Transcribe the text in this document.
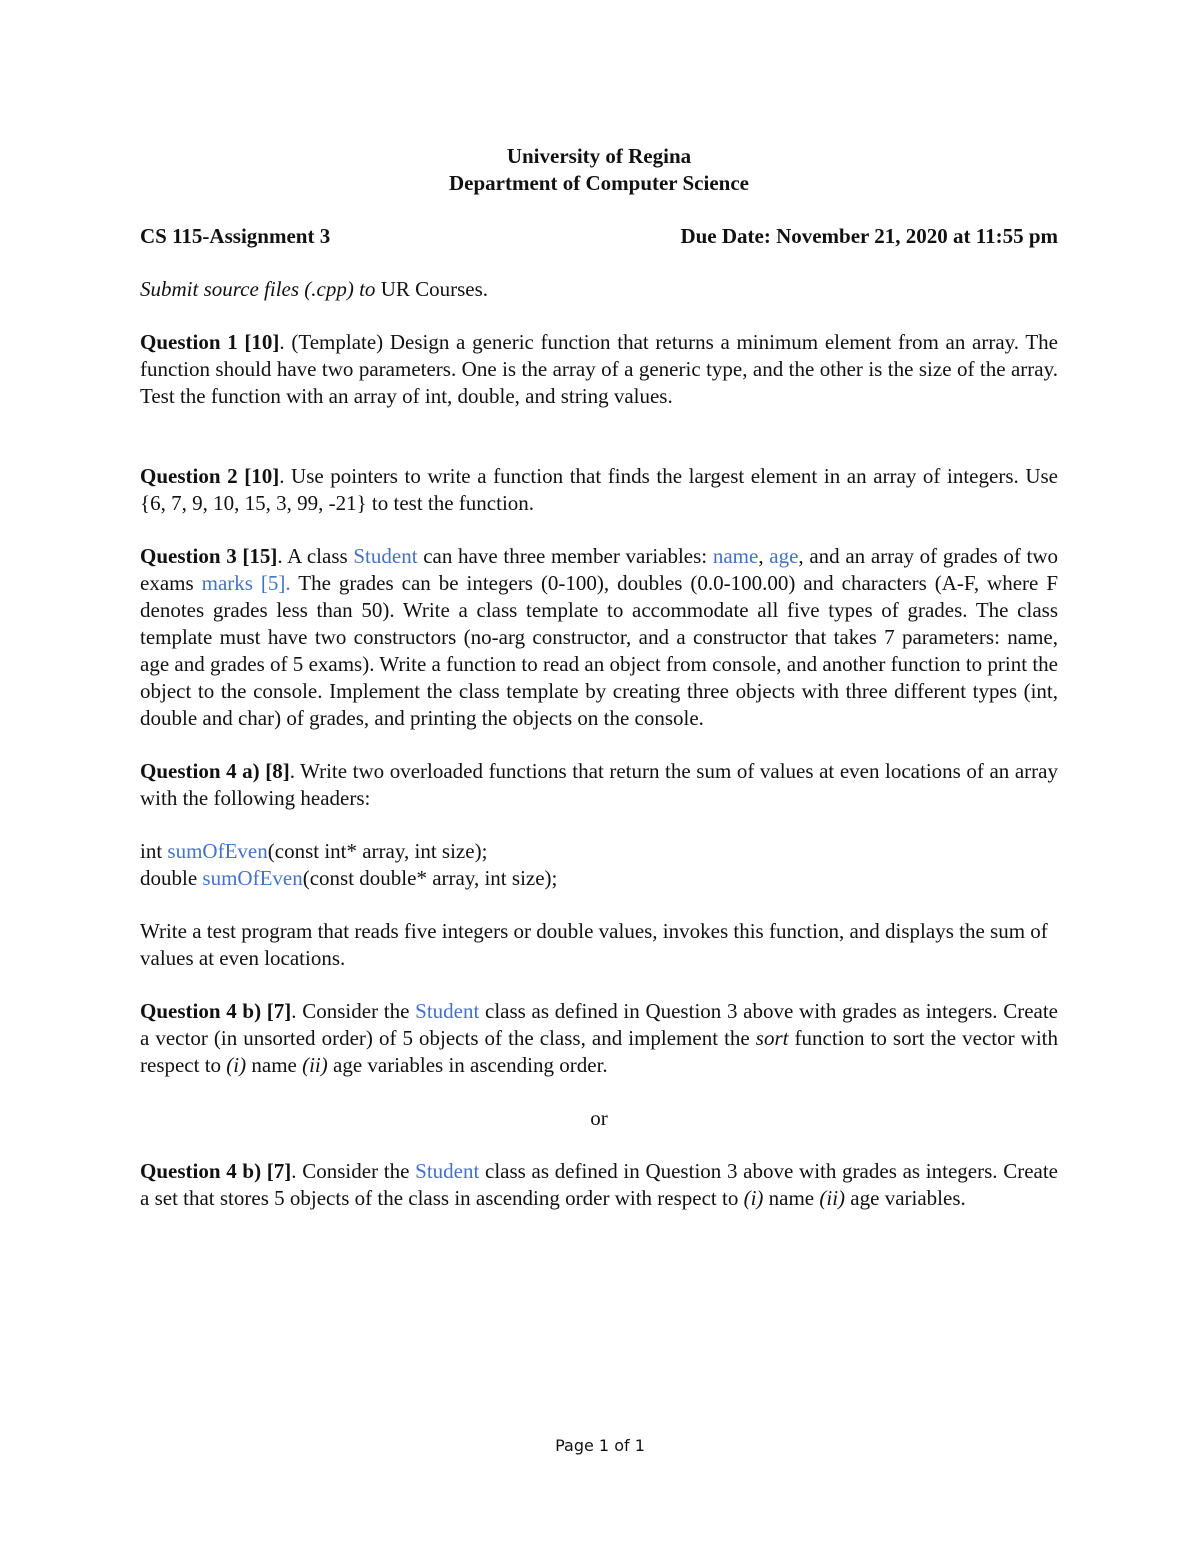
University of Regina
Department of Computer Science
CS 115-Assignment 3	Due Date: November 21, 2020 at 11:55 pm

Submit source files (.cpp) to UR Courses.

Question 1 [10]. (Template) Design a generic function that returns a minimum element from an array. The function should have two parameters. One is the array of a generic type, and the other is the size of the array. Test the function with an array of int, double, and string values.

Question 2 [10]. Use pointers to write a function that finds the largest element in an array of integers. Use {6, 7, 9, 10, 15, 3, 99, -21} to test the function.

Question 3 [15]. A class Student can have three member variables: name, age, and an array of grades of two exams marks [5]. The grades can be integers (0-100), doubles (0.0-100.00) and characters (A-F, where F denotes grades less than 50). Write a class template to accommodate all five types of grades. The class template must have two constructors (no-arg constructor, and a constructor that takes 7 parameters: name, age and grades of 5 exams). Write a function to read an object from console, and another function to print the object to the console. Implement the class template by creating three objects with three different types (int, double and char) of grades, and printing the objects on the console.

Question 4 a) [8]. Write two overloaded functions that return the sum of values at even locations of an array with the following headers:

int sumOfEven(const int* array, int size);
double sumOfEven(const double* array, int size);

Write a test program that reads five integers or double values, invokes this function, and displays the sum of values at even locations.

Question 4 b) [7]. Consider the Student class as defined in Question 3 above with grades as integers. Create a vector (in unsorted order) of 5 objects of the class, and implement the sort function to sort the vector with respect to (i) name (ii) age variables in ascending order.

or

Question 4 b) [7]. Consider the Student class as defined in Question 3 above with grades as integers. Create a set that stores 5 objects of the class in ascending order with respect to (i) name (ii) age variables.

Page 1 of 1
